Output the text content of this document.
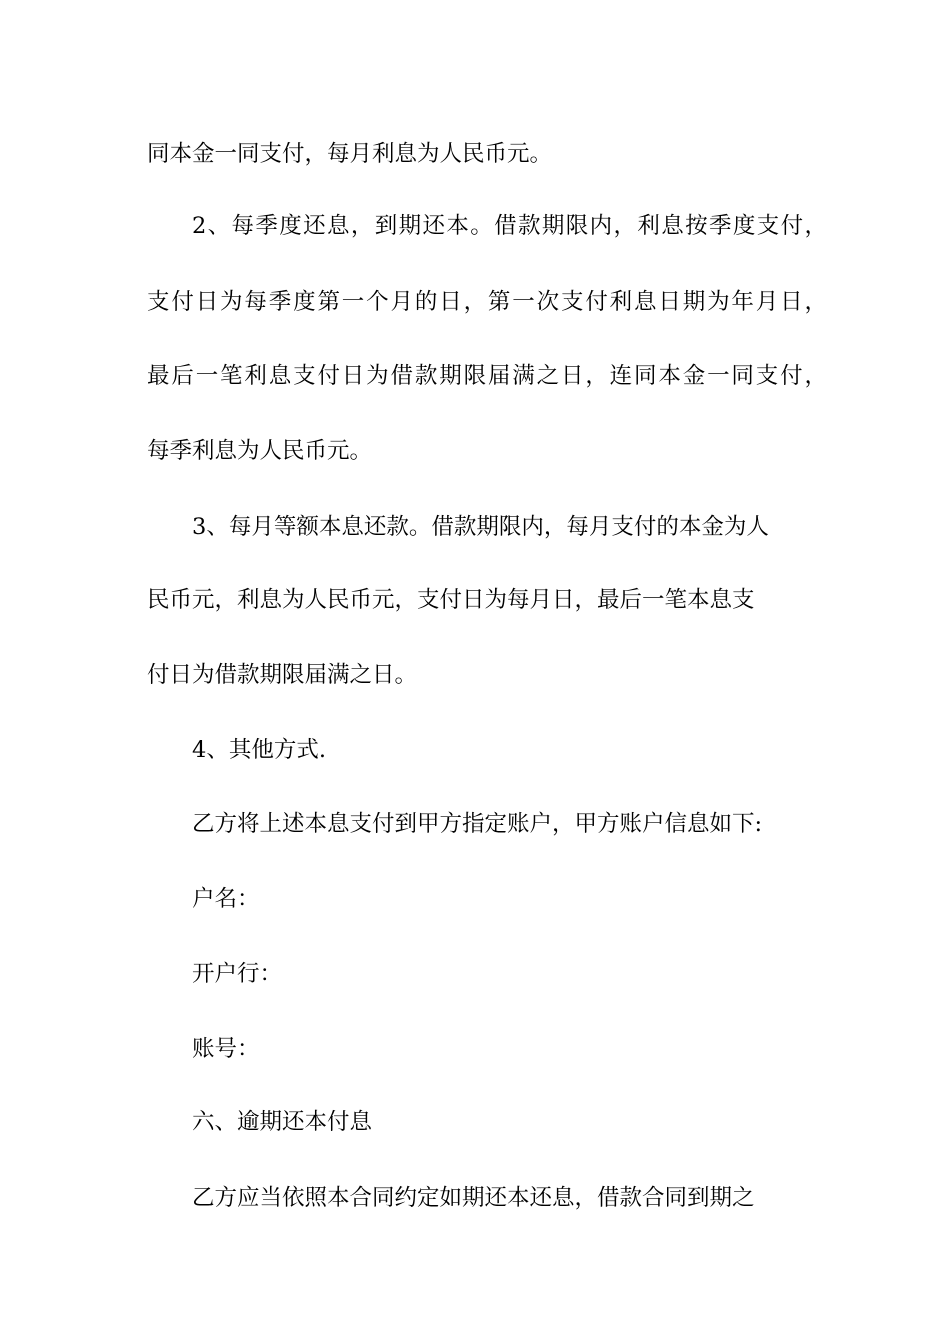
同本金一同支付，每月利息为人民币元。
2、每季度还息，到期还本。借款期限内，利息按季度支付，
支付日为每季度第一个月的日，第一次支付利息日期为年月日，
最后一笔利息支付日为借款期限届满之日，连同本金一同支付，
每季利息为人民币元。
3、每月等额本息还款。借款期限内，每月支付的本金为人
民币元，利息为人民币元，支付日为每月日，最后一笔本息支
付日为借款期限届满之日。
4、其他方式.
乙方将上述本息支付到甲方指定账户，甲方账户信息如下:
户名：
开户行：
账号：
六、逾期还本付息
乙方应当依照本合同约定如期还本还息，借款合同到期之
